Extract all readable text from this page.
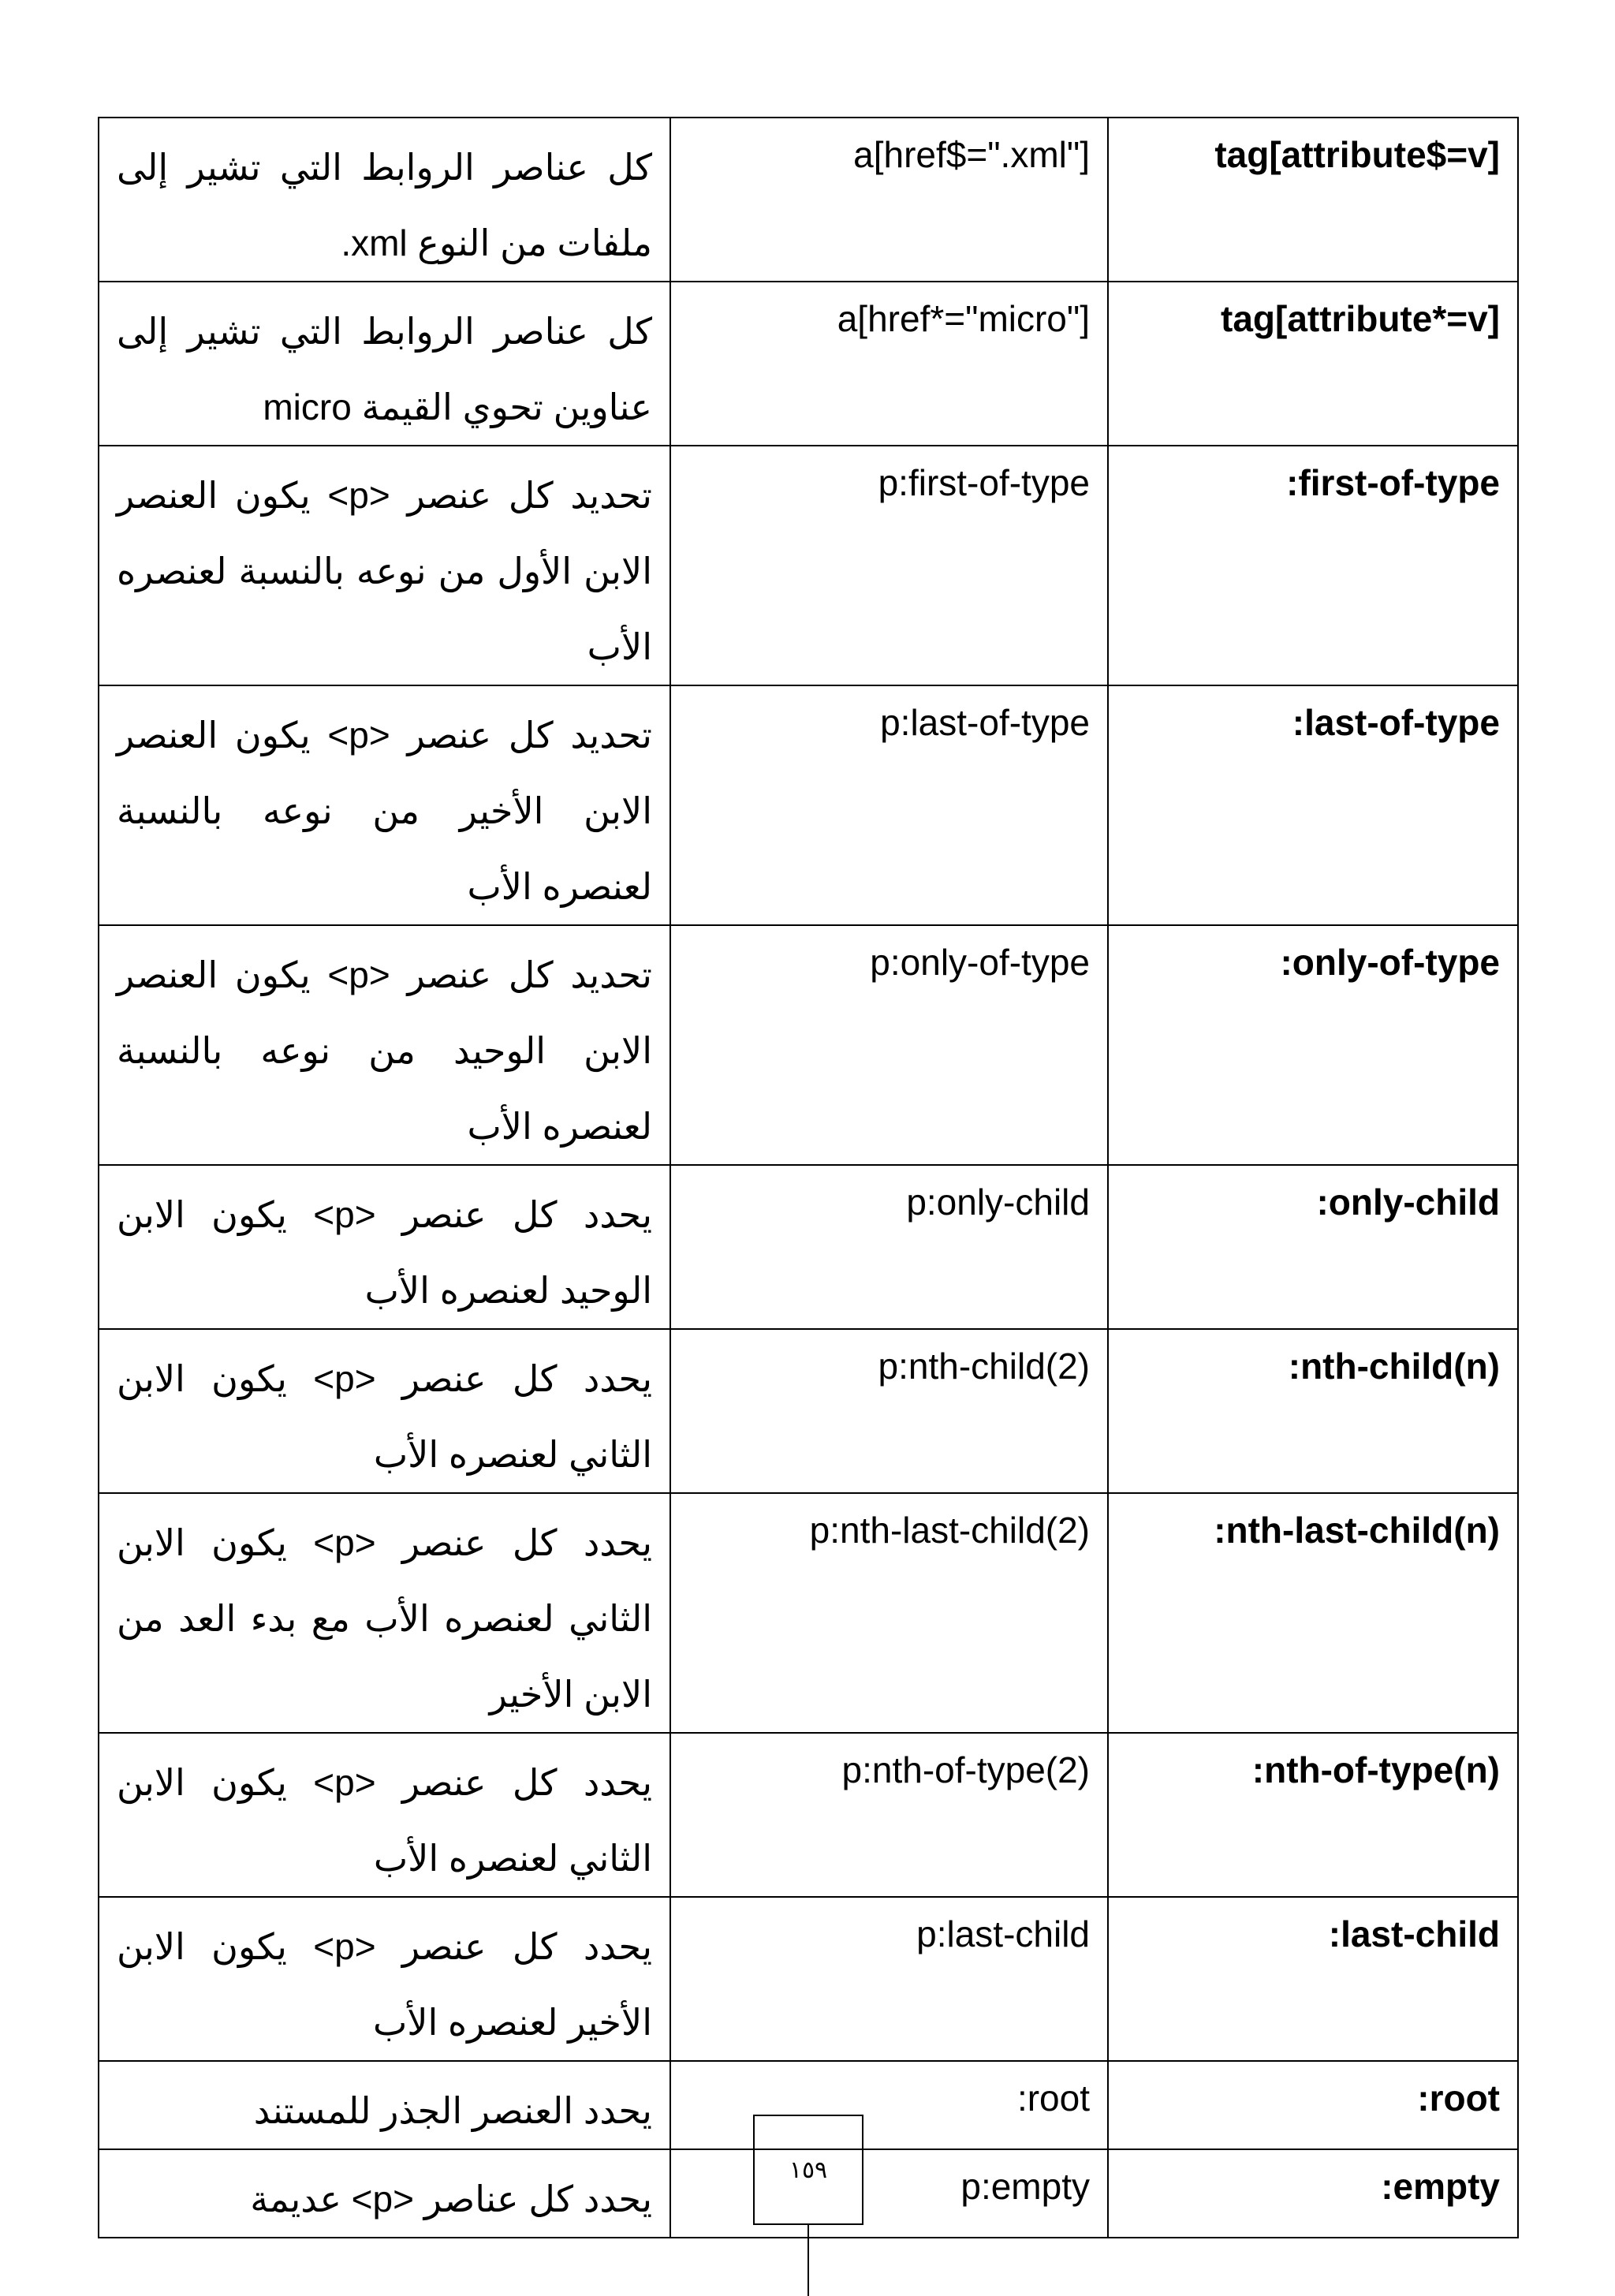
tag[attribute$=v]	a[href$=".xml"]	كل عناصر الروابط التي تشير إلى ملفات من النوع xml.

tag[attribute*=v]	a[href*="micro"]	كل عناصر الروابط التي تشير إلى عناوين تحوي القيمة micro

:first-of-type	p:first-of-type	تحديد كل عنصر <p> يكون العنصر الابن الأول من نوعه بالنسبة لعنصره الأب

:last-of-type	p:last-of-type	تحديد كل عنصر <p> يكون العنصر الابن الأخير من نوعه بالنسبة لعنصره الأب

:only-of-type	p:only-of-type	تحديد كل عنصر <p> يكون العنصر الابن الوحيد من نوعه بالنسبة لعنصره الأب

:only-child	p:only-child	يحدد كل عنصر <p> يكون الابن الوحيد لعنصره الأب

:nth-child(n)	p:nth-child(2)	يحدد كل عنصر <p> يكون الابن الثاني لعنصره الأب

:nth-last-child(n)	p:nth-last-child(2)	يحدد كل عنصر <p> يكون الابن الثاني لعنصره الأب مع بدء العد من الابن الأخير

:nth-of-type(n)	p:nth-of-type(2)	يحدد كل عنصر <p> يكون الابن الثاني لعنصره الأب

:last-child	p:last-child	يحدد كل عنصر <p> يكون الابن الأخير لعنصره الأب

:root	:root	يحدد العنصر الجذر للمستند

:empty	p:empty	يحدد كل عناصر <p> عديمة
١٥٩
